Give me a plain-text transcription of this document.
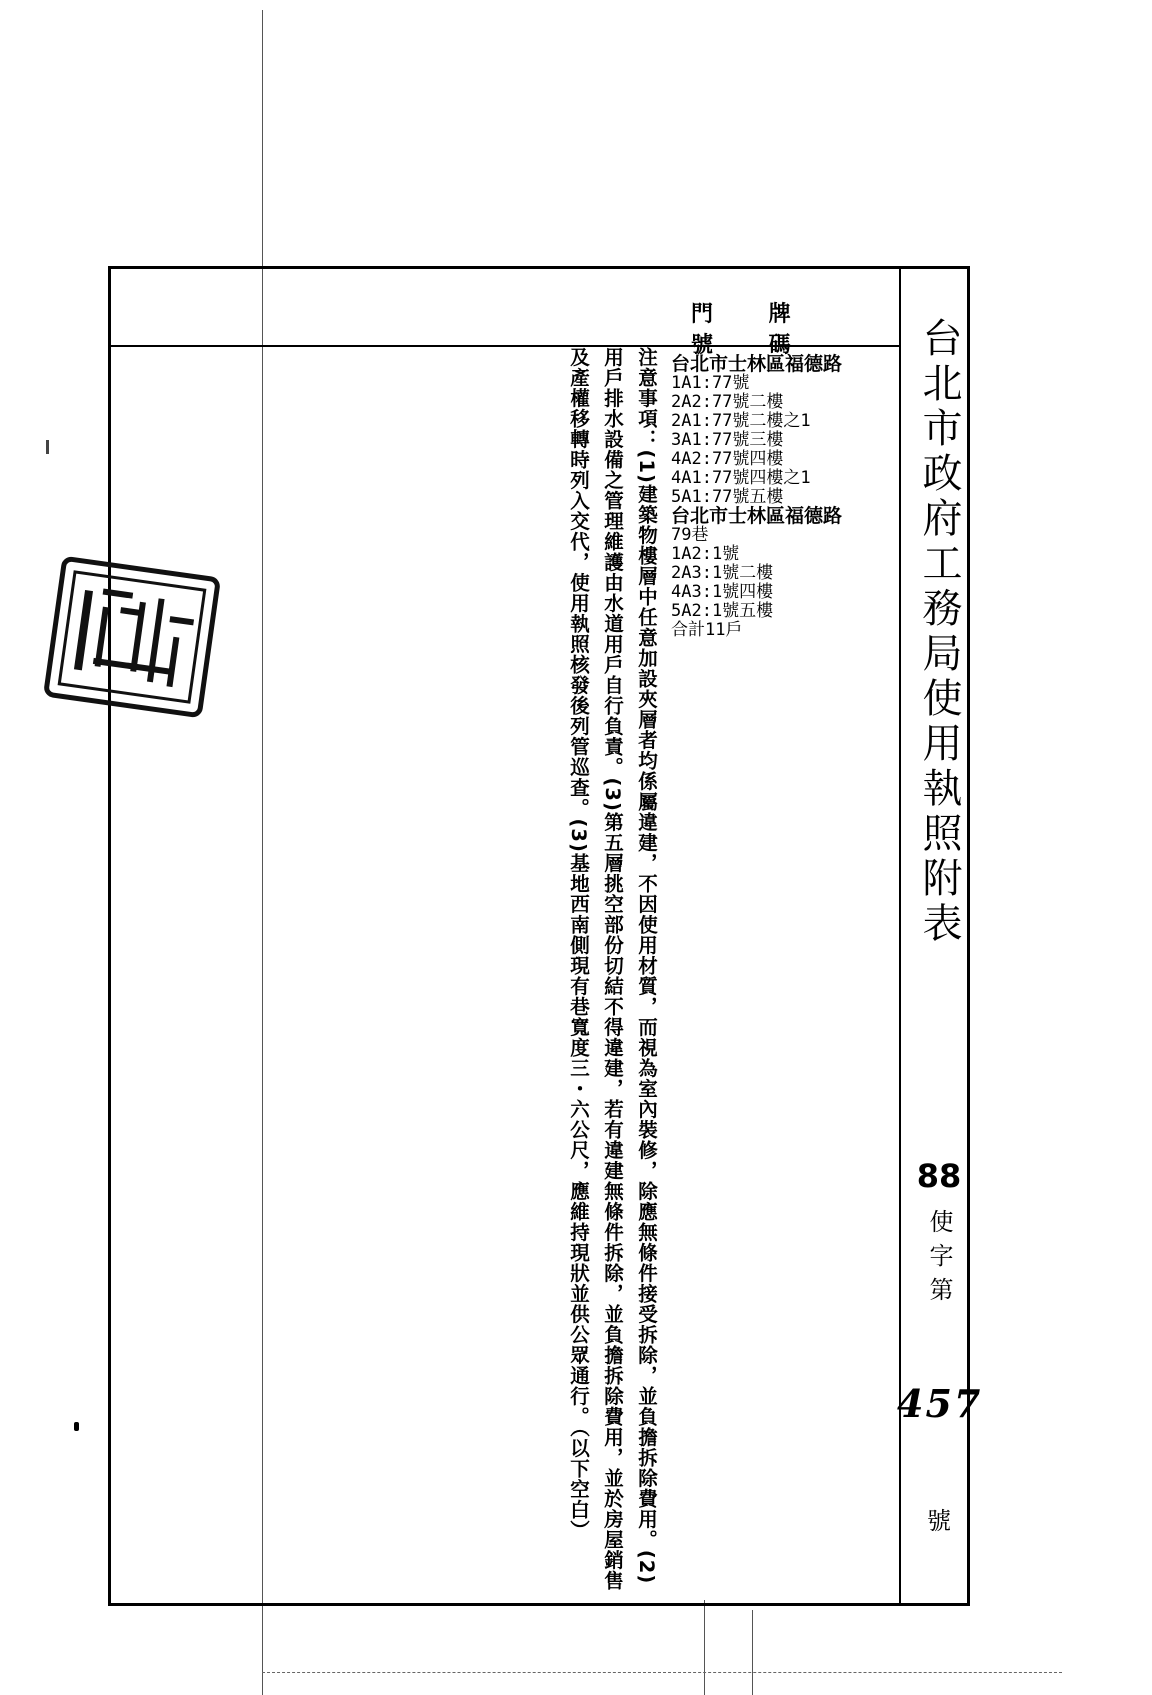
台北市政府工務局使用執照附表
88
使字第
457
號
門 牌 號 碼
台北市士林區福德路
1A1:77號
2A2:77號二樓
2A1:77號二樓之1
3A1:77號三樓
4A2:77號四樓
4A1:77號四樓之1
5A1:77號五樓
台北市士林區福德路
79巷
1A2:1號
2A3:1號二樓
4A3:1號四樓
5A2:1號五樓
合計11戶
注意事項：(1)建築物樓層中任意加設夾層者均係屬違建，不因使用材質，而視為室內裝修，除應無條件接受拆除，並負擔拆除費用。(2)用戶排水設備之管理維護由水道用戶自行負責。(3)第五層挑空部份切結不得違建，若有違建無條件拆除，並負擔拆除費用，並於房屋銷售及產權移轉時列入交代，使用執照核發後列管巡查。(3)基地西南側現有巷寬度三・六公尺，應維持現狀並供公眾通行。（以下空白）
